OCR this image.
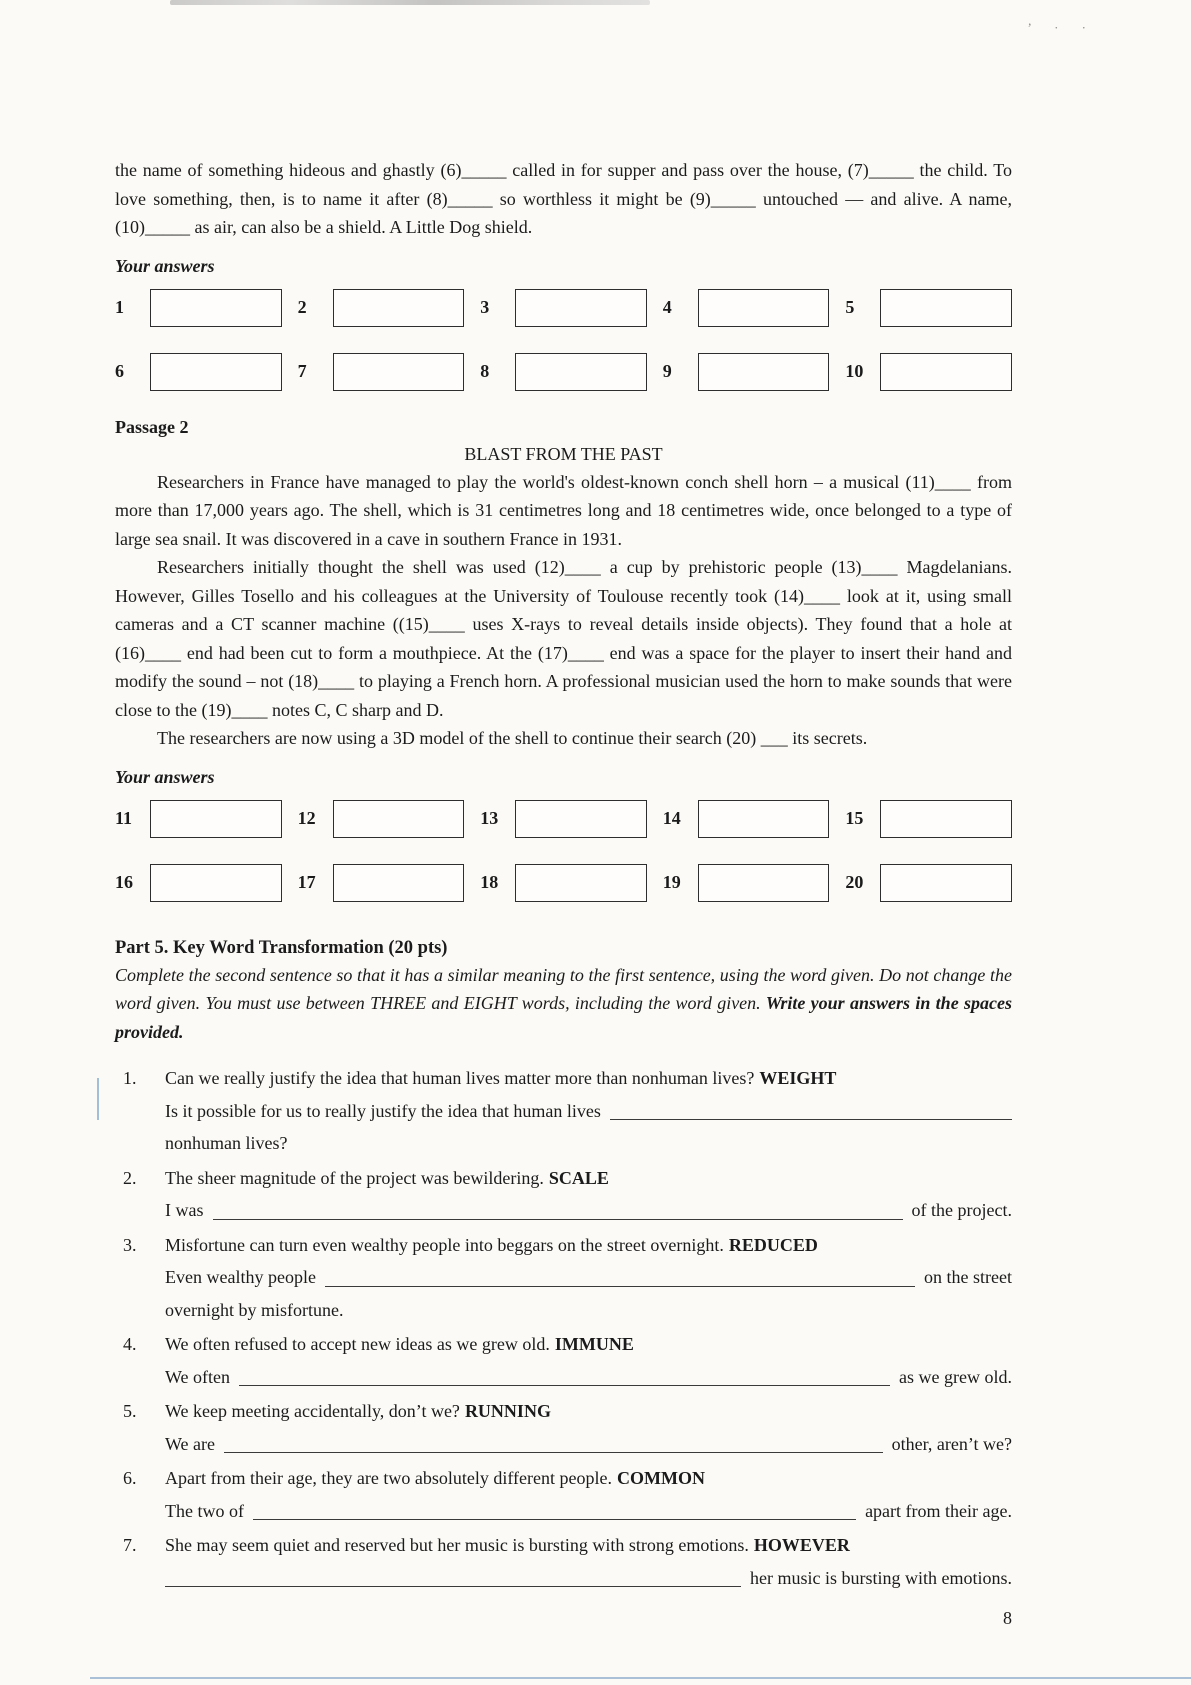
’ · ·

the name of something hideous and ghastly (6)_____ called in for supper and pass over the house, (7)_____ the child. To love something, then, is to name it after (8)_____ so worthless it might be (9)_____ untouched — and alive. A name, (10)_____ as air, can also be a shield. A Little Dog shield.

Your answers

1	2	3	4	5
6	7	8	9	10

Passage 2

BLAST FROM THE PAST

Researchers in France have managed to play the world's oldest-known conch shell horn – a musical (11)____ from more than 17,000 years ago. The shell, which is 31 centimetres long and 18 centimetres wide, once belonged to a type of large sea snail. It was discovered in a cave in southern France in 1931.

Researchers initially thought the shell was used (12)____ a cup by prehistoric people (13)____ Magdelanians. However, Gilles Tosello and his colleagues at the University of Toulouse recently took (14)____ look at it, using small cameras and a CT scanner machine ((15)____ uses X-rays to reveal details inside objects). They found that a hole at (16)____ end had been cut to form a mouthpiece. At the (17)____ end was a space for the player to insert their hand and modify the sound – not (18)____ to playing a French horn. A professional musician used the horn to make sounds that were close to the (19)____ notes C, C sharp and D.

The researchers are now using a 3D model of the shell to continue their search (20) ___ its secrets.

Your answers

11	12	13	14	15
16	17	18	19	20

Part 5. Key Word Transformation (20 pts)

Complete the second sentence so that it has a similar meaning to the first sentence, using the word given. Do not change the word given. You must use between THREE and EIGHT words, including the word given. Write your answers in the spaces provided.

1. Can we really justify the idea that human lives matter more than nonhuman lives? WEIGHT
Is it possible for us to really justify the idea that human lives
nonhuman lives?
2. The sheer magnitude of the project was bewildering. SCALE
I was	of the project.
3. Misfortune can turn even wealthy people into beggars on the street overnight. REDUCED
Even wealthy people	on the street
overnight by misfortune.
4. We often refused to accept new ideas as we grew old. IMMUNE
We often	as we grew old.
5. We keep meeting accidentally, don’t we? RUNNING
We are	other, aren’t we?
6. Apart from their age, they are two absolutely different people. COMMON
The two of	apart from their age.
7. She may seem quiet and reserved but her music is bursting with strong emotions. HOWEVER
her music is bursting with emotions.

8
